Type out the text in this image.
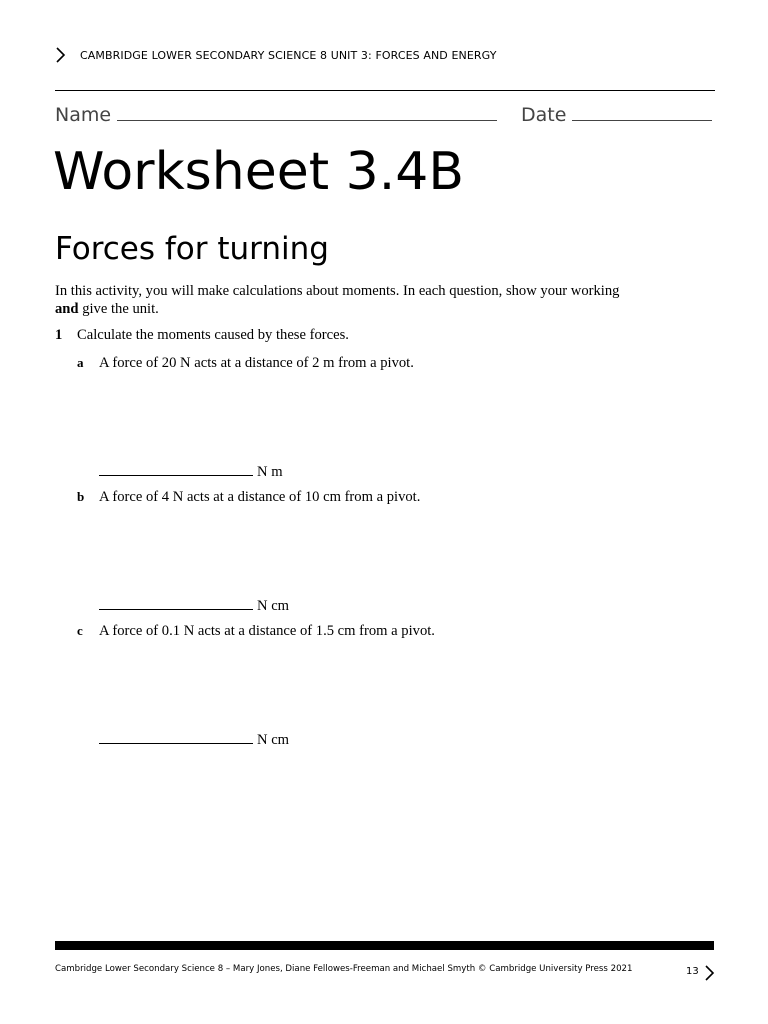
CAMBRIDGE LOWER SECONDARY SCIENCE 8 UNIT 3: FORCES AND ENERGY
Name	Date
Worksheet 3.4B
Forces for turning
In this activity, you will make calculations about moments. In each question, show your working
and give the unit.
1 Calculate the moments caused by these forces.
a A force of 20 N acts at a distance of 2 m from a pivot.
N m
b A force of 4 N acts at a distance of 10 cm from a pivot.
N cm
c A force of 0.1 N acts at a distance of 1.5 cm from a pivot.
N cm
Cambridge Lower Secondary Science 8 – Mary Jones, Diane Fellowes-Freeman and Michael Smyth © Cambridge University Press 2021	13
